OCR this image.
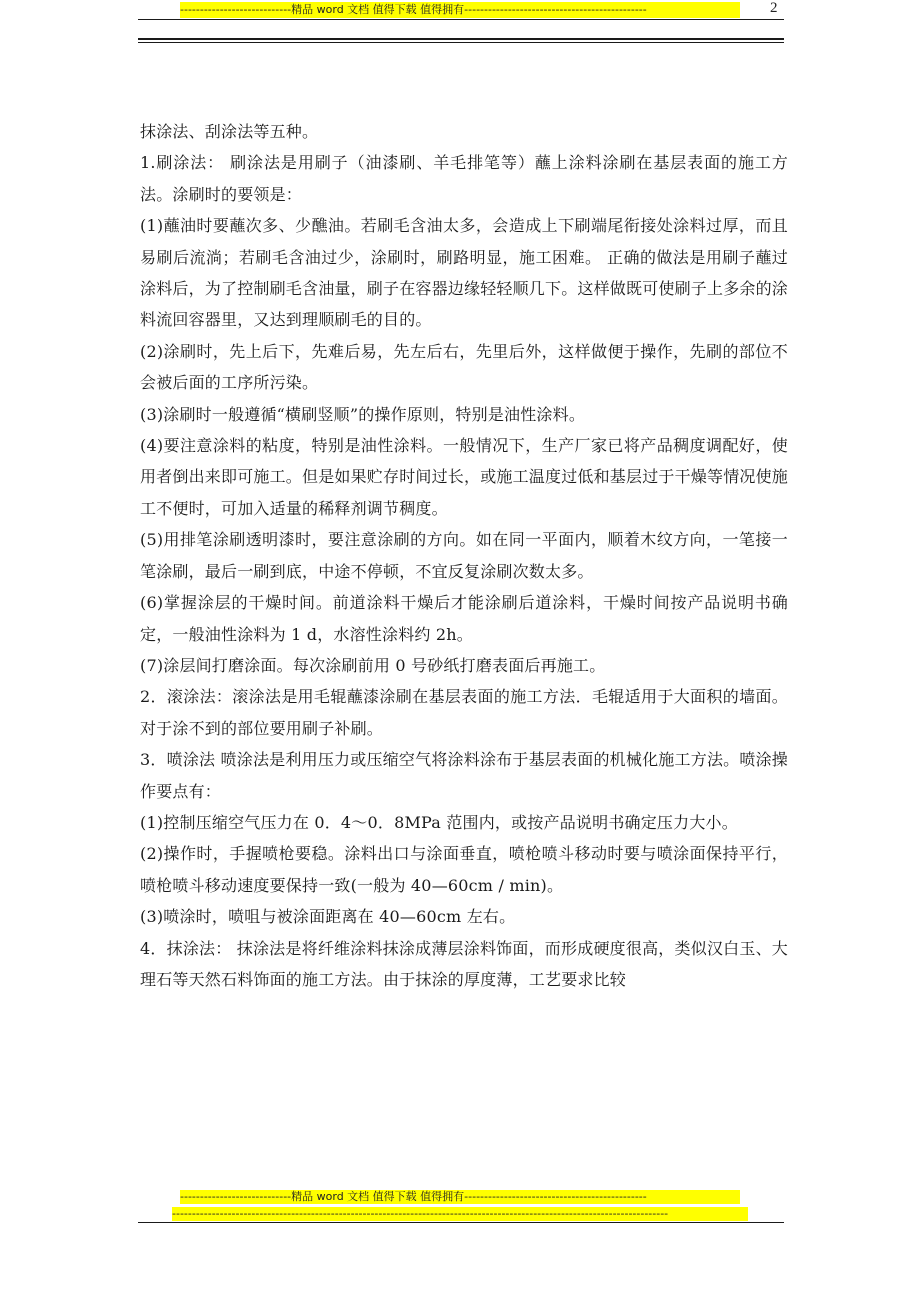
----------------------------精品 word 文档 值得下载 值得拥有----------------------------------------------	2

抹涂法、刮涂法等五种。

1.刷涂法： 刷涂法是用刷子（油漆刷、羊毛排笔等）蘸上涂料涂刷在基层表面的施工方法。涂刷时的要领是：

(1)蘸油时要蘸次多、少醮油。若刷毛含油太多，会造成上下刷端尾衔接处涂料过厚，而且易刷后流淌；若刷毛含油过少，涂刷时，刷路明显，施工困难。 正确的做法是用刷子蘸过涂料后，为了控制刷毛含油量，刷子在容器边缘轻轻顺几下。这样做既可使刷子上多余的涂料流回容器里，又达到理顺刷毛的目的。

(2)涂刷时，先上后下，先难后易，先左后右，先里后外，这样做便于操作，先刷的部位不会被后面的工序所污染。

(3)涂刷时一般遵循“横刷竖顺”的操作原则，特别是油性涂料。

(4)要注意涂料的粘度，特别是油性涂料。一般情况下，生产厂家已将产品稠度调配好，使用者倒出来即可施工。但是如果贮存时间过长，或施工温度过低和基层过于干燥等情况使施工不便时，可加入适量的稀释剂调节稠度。

(5)用排笔涂刷透明漆时，要注意涂刷的方向。如在同一平面内，顺着木纹方向，一笔接一笔涂刷，最后一刷到底，中途不停顿，不宜反复涂刷次数太多。

(6)掌握涂层的干燥时间。前道涂料干燥后才能涂刷后道涂料，干燥时间按产品说明书确定，一般油性涂料为 1 d，水溶性涂料约 2h。

(7)涂层间打磨涂面。每次涂刷前用 0 号砂纸打磨表面后再施工。

2．滚涂法：滚涂法是用毛辊蘸漆涂刷在基层表面的施工方法．毛辊适用于大面积的墙面。对于涂不到的部位要用刷子补刷。

3．喷涂法 喷涂法是利用压力或压缩空气将涂料涂布于基层表面的机械化施工方法。喷涂操作要点有：

(1)控制压缩空气压力在 0．4～0．8MPa 范围内，或按产品说明书确定压力大小。

(2)操作时，手握喷枪要稳。涂料出口与涂面垂直，喷枪喷斗移动时要与喷涂面保持平行，喷枪喷斗移动速度要保持一致(一般为 40—60cm / min)。

(3)喷涂时，喷咀与被涂面距离在 40—60cm 左右。

4．抹涂法： 抹涂法是将纤维涂料抹涂成薄层涂料饰面，而形成硬度很高，类似汉白玉、大理石等天然石料饰面的施工方法。由于抹涂的厚度薄，工艺要求比较

----------------------------精品 word 文档 值得下载 值得拥有----------------------------------------------
-----------------------------------------------------------------------------------------------------------------------------
